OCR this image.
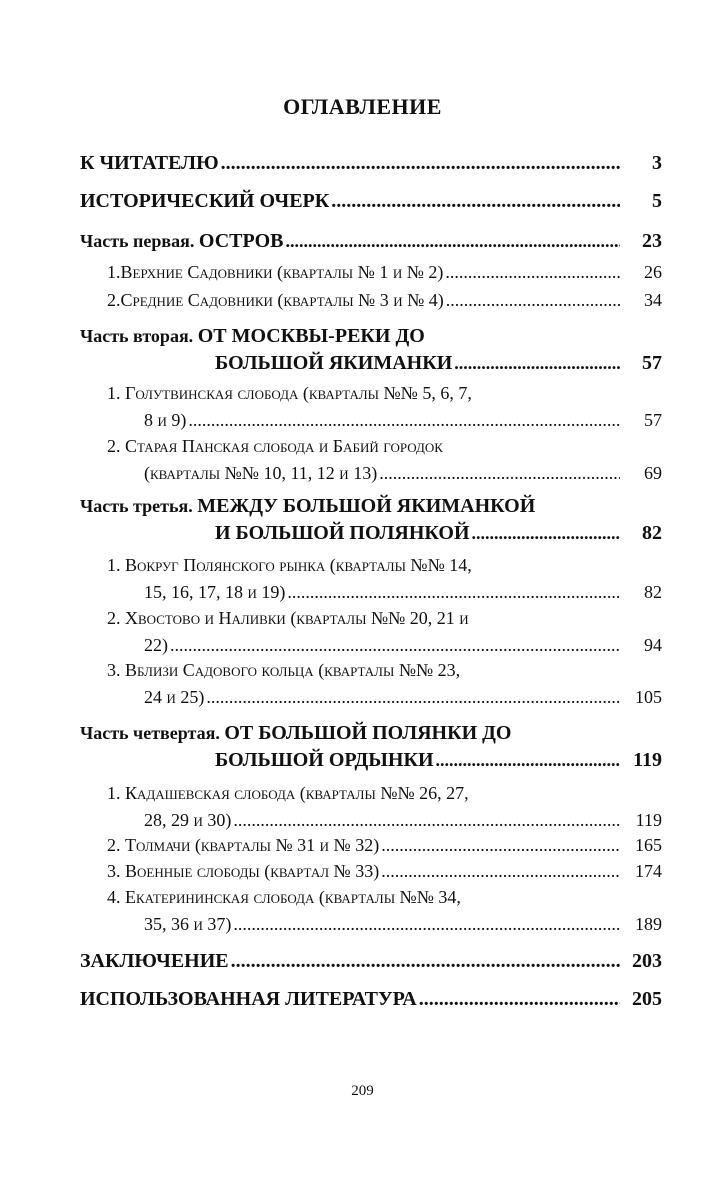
ОГЛАВЛЕНИЕ
К ЧИТАТЕЛЮ .....	3
ИСТОРИЧЕСКИЙ ОЧЕРК .....	5
Часть первая. ОСТРОВ .....	23
1.Верхние Садовники (кварталы № 1 и № 2) .....	26
2.Средние Садовники (кварталы № 3 и № 4) .....	34
Часть вторая. ОТ МОСКВЫ-РЕКИ ДО
БОЛЬШОЙ ЯКИМАНКИ .....	57
1. Голутвинская слобода (кварталы №№ 5, 6, 7,
8 и 9) .....	57
2. Старая Панская слобода и Бабий городок
(кварталы №№ 10, 11, 12 и 13) .....	69
Часть третья. МЕЖДУ БОЛЬШОЙ ЯКИМАНКОЙ
И БОЛЬШОЙ ПОЛЯНКОЙ .....	82
1. Вокруг Полянского рынка (кварталы №№ 14,
15, 16, 17, 18 и 19) .....	82
2. Хвостово и Наливки (кварталы №№ 20, 21 и
22) .....	94
3. Вблизи Садового кольца (кварталы №№ 23,
24 и 25) .....	105
Часть четвертая. ОТ БОЛЬШОЙ ПОЛЯНКИ ДО
БОЛЬШОЙ ОРДЫНКИ .....	119
1. Кадашевская слобода (кварталы №№ 26, 27,
28, 29 и 30) .....	119
2. Толмачи (кварталы № 31 и № 32) .....	165
3. Военные слободы (квартал № 33) .....	174
4. Екатерининская слобода (кварталы №№ 34,
35, 36 и 37) .....	189
ЗАКЛЮЧЕНИЕ .....	203
ИСПОЛЬЗОВАННАЯ ЛИТЕРАТУРА .....	205
209
